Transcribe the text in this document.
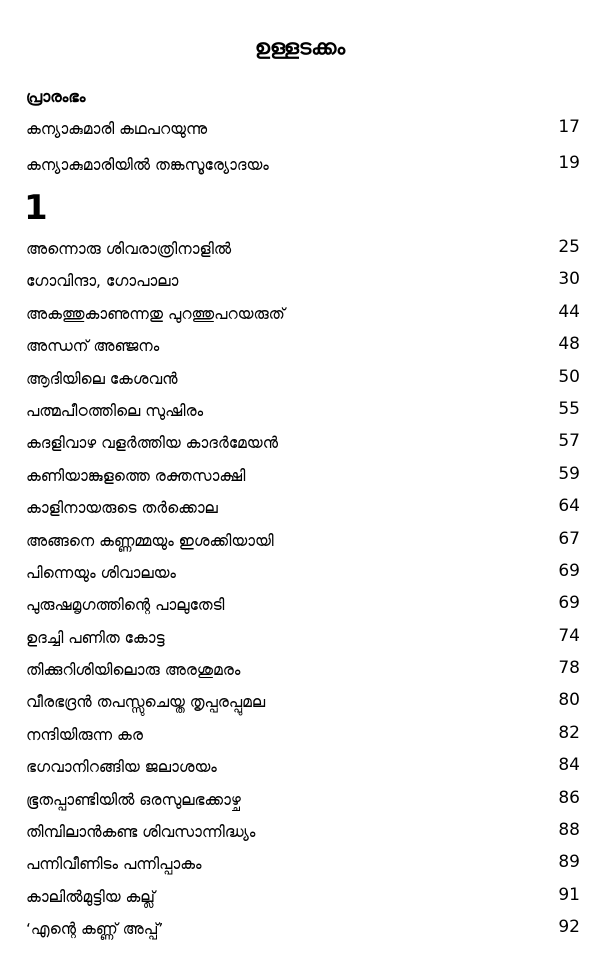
ഉള്ളടക്കം
പ്രാരംഭം
കന്യാകുമാരി കഥപറയുന്നു	17
കന്യാകുമാരിയിൽ തങ്കസൂര്യോദയം	19
1
അന്നൊരു ശിവരാത്രിനാളിൽ	25
ഗോവിന്ദാ, ഗോപാലാ	30
അകത്തുകാണുന്നതു പുറത്തുപറയരുത്	44
അന്ധന് അഞ്ജനം	48
ആദിയിലെ കേശവൻ	50
പത്മപീഠത്തിലെ സുഷിരം	55
കദളിവാഴ വളർത്തിയ കാദർമേയൻ	57
കണിയാങ്കുളത്തെ രക്തസാക്ഷി	59
കാളിനായരുടെ തർക്കൊല	64
അങ്ങനെ കണ്ണമ്മയും ഇശക്കിയായി	67
പിന്നെയും ശിവാലയം	69
പുരുഷമൃഗത്തിന്റെ പാലുതേടി	69
ഉദച്ചി പണിത കോട്ട	74
തിക്കുറിശിയിലൊരു അരശുമരം	78
വീരഭദ്രൻ തപസ്സുചെയ്ത തൃപ്പരപ്പുമല	80
നന്ദിയിരുന്ന കര	82
ഭഗവാനിറങ്ങിയ ജലാശയം	84
ഭൂതപ്പാണ്ടിയിൽ ഒരസുലഭക്കാഴ്ച	86
തിമ്പിലാൻകണ്ട ശിവസാന്നിദ്ധ്യം	88
പന്നിവീണിടം പന്നിപ്പാകം	89
കാലിൽമുട്ടിയ കല്ല്	91
‘എന്റെ കണ്ണ് അപ്പ്’	92
